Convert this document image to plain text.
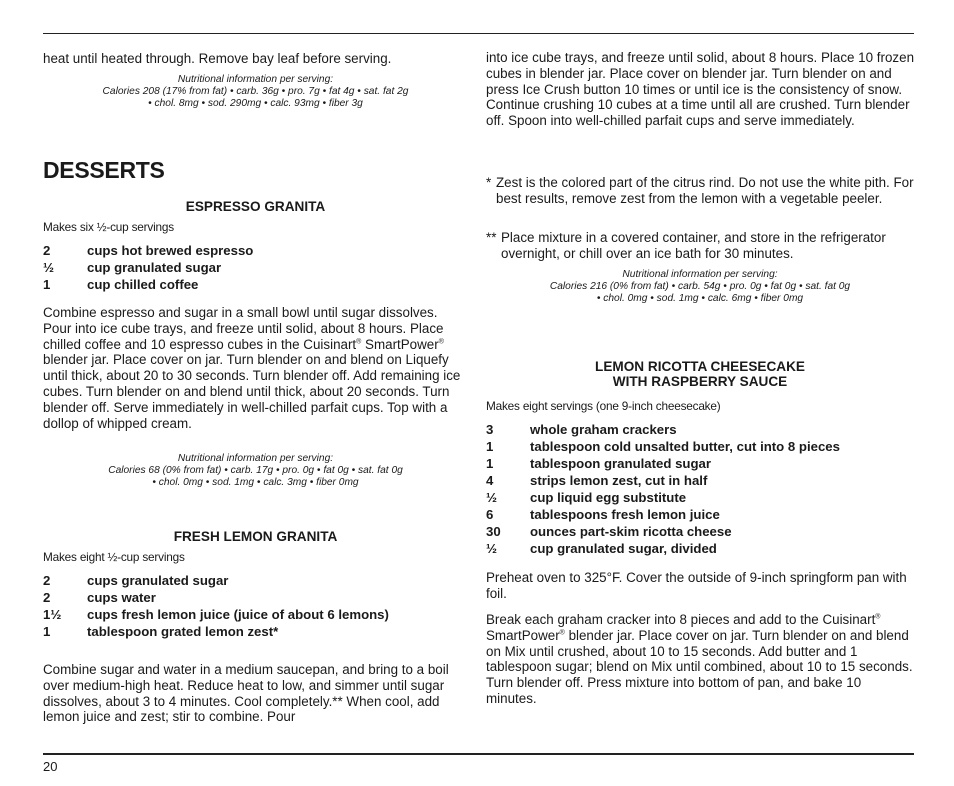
heat until heated through. Remove bay leaf before serving.

Nutritional information per serving:
Calories 208 (17% from fat) • carb. 36g • pro. 7g • fat 4g • sat. fat 2g
• chol. 8mg • sod. 290mg • calc. 93mg • fiber 3g
DESSERTS
ESPRESSO GRANITA

Makes six ½-cup servings

2	cups hot brewed espresso
½	cup granulated sugar
1	cup chilled coffee

Combine espresso and sugar in a small bowl until sugar dissolves. Pour into ice cube trays, and freeze until solid, about 8 hours. Place chilled coffee and 10 espresso cubes in the Cuisinart® SmartPower® blender jar. Place cover on jar. Turn blender on and blend on Liquefy until thick, about 20 to 30 seconds. Turn blender off. Add remaining ice cubes. Turn blender on and blend until thick, about 20 seconds. Turn blender off. Serve immediately in well-chilled parfait cups. Top with a dollop of whipped cream.

Nutritional information per serving:
Calories 68 (0% from fat) • carb. 17g • pro. 0g • fat 0g • sat. fat 0g
• chol. 0mg • sod. 1mg • calc. 3mg • fiber 0mg
FRESH LEMON GRANITA

Makes eight ½-cup servings

2	cups granulated sugar
2	cups water
1½	cups fresh lemon juice (juice of about 6 lemons)
1	tablespoon grated lemon zest*

Combine sugar and water in a medium saucepan, and bring to a boil over medium-high heat. Reduce heat to low, and simmer until sugar dissolves, about 3 to 4 minutes. Cool completely.** When cool, add lemon juice and zest; stir to combine. Pour

into ice cube trays, and freeze until solid, about 8 hours. Place 10 frozen cubes in blender jar. Place cover on blender jar. Turn blender on and press Ice Crush button 10 times or until ice is the consistency of snow. Continue crushing 10 cubes at a time until all are crushed. Turn blender off. Spoon into well-chilled parfait cups and serve immediately.

* Zest is the colored part of the citrus rind. Do not use the white pith. For best results, remove zest from the lemon with a vegetable peeler.

** Place mixture in a covered container, and store in the refrigerator overnight, or chill over an ice bath for 30 minutes.

Nutritional information per serving:
Calories 216 (0% from fat) • carb. 54g • pro. 0g • fat 0g • sat. fat 0g
• chol. 0mg • sod. 1mg • calc. 6mg • fiber 0mg
LEMON RICOTTA CHEESECAKE
WITH RASPBERRY SAUCE

Makes eight servings (one 9-inch cheesecake)

3	whole graham crackers
1	tablespoon cold unsalted butter, cut into 8 pieces
1	tablespoon granulated sugar
4	strips lemon zest, cut in half
½	cup liquid egg substitute
6	tablespoons fresh lemon juice
30	ounces part-skim ricotta cheese
½	cup granulated sugar, divided

Preheat oven to 325°F. Cover the outside of 9-inch springform pan with foil.

Break each graham cracker into 8 pieces and add to the Cuisinart® SmartPower® blender jar. Place cover on jar. Turn blender on and blend on Mix until crushed, about 10 to 15 seconds. Add butter and 1 tablespoon sugar; blend on Mix until combined, about 10 to 15 seconds. Turn blender off. Press mixture into bottom of pan, and bake 10 minutes.

20
